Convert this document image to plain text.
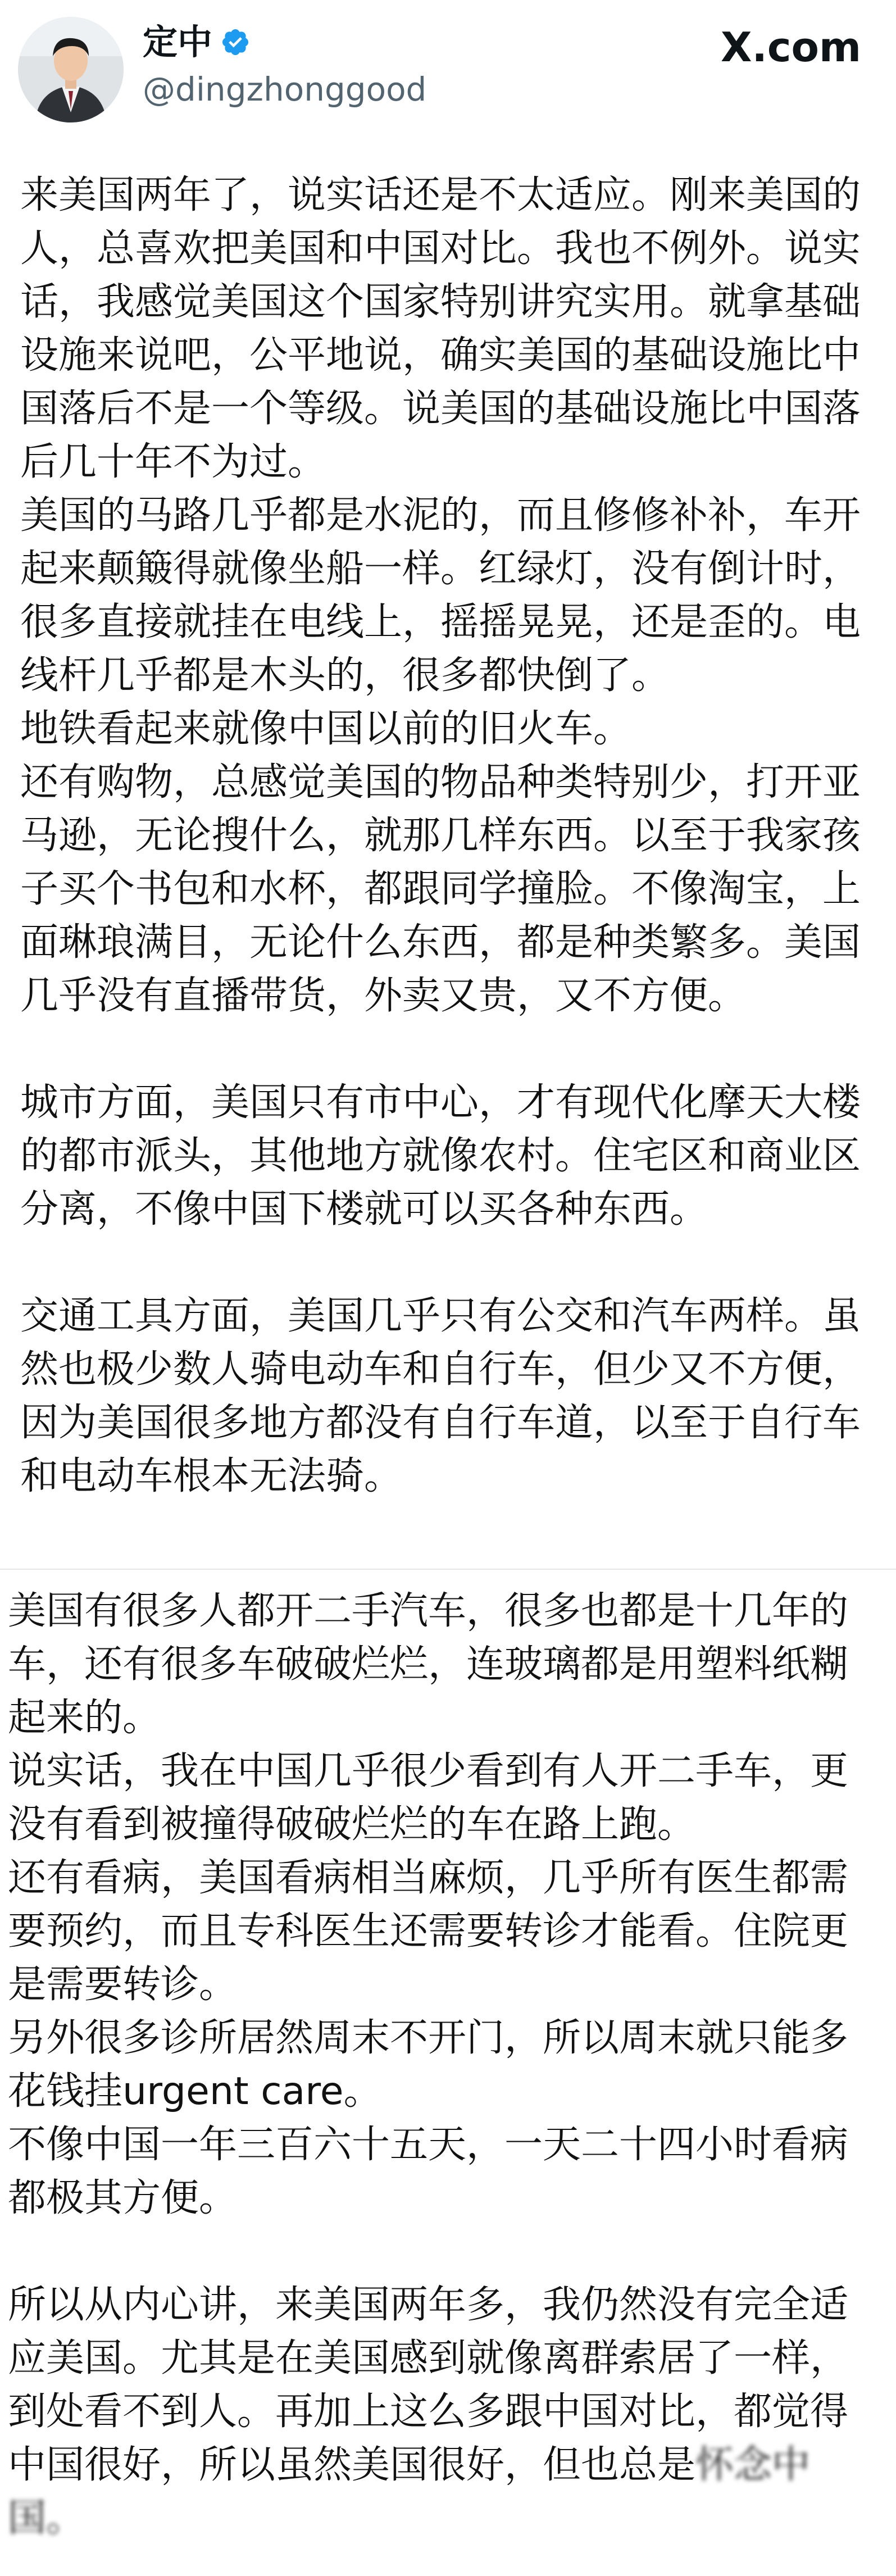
定中
@dingzhonggood
X.com

来美国两年了，说实话还是不太适应。刚来美国的人，总喜欢把美国和中国对比。我也不例外。说实话，我感觉美国这个国家特别讲究实用。就拿基础设施来说吧，公平地说，确实美国的基础设施比中国落后不是一个等级。说美国的基础设施比中国落后几十年不为过。

美国的马路几乎都是水泥的，而且修修补补，车开起来颠簸得就像坐船一样。红绿灯，没有倒计时，很多直接就挂在电线上，摇摇晃晃，还是歪的。电线杆几乎都是木头的，很多都快倒了。

地铁看起来就像中国以前的旧火车。

还有购物，总感觉美国的物品种类特别少，打开亚马逊，无论搜什么，就那几样东西。以至于我家孩子买个书包和水杯，都跟同学撞脸。不像淘宝，上面琳琅满目，无论什么东西，都是种类繁多。美国几乎没有直播带货，外卖又贵，又不方便。

城市方面，美国只有市中心，才有现代化摩天大楼的都市派头，其他地方就像农村。住宅区和商业区分离，不像中国下楼就可以买各种东西。

交通工具方面，美国几乎只有公交和汽车两样。虽然也极少数人骑电动车和自行车，但少又不方便，因为美国很多地方都没有自行车道，以至于自行车和电动车根本无法骑。

美国有很多人都开二手汽车，很多也都是十几年的车，还有很多车破破烂烂，连玻璃都是用塑料纸糊起来的。

说实话，我在中国几乎很少看到有人开二手车，更没有看到被撞得破破烂烂的车在路上跑。

还有看病，美国看病相当麻烦，几乎所有医生都需要预约，而且专科医生还需要转诊才能看。住院更是需要转诊。

另外很多诊所居然周末不开门，所以周末就只能多花钱挂urgent care。

不像中国一年三百六十五天，一天二十四小时看病都极其方便。

所以从内心讲，来美国两年多，我仍然没有完全适应美国。尤其是在美国感到就像离群索居了一样，到处看不到人。再加上这么多跟中国对比，都觉得中国很好，所以虽然美国很好，但也总是怀念中国。
